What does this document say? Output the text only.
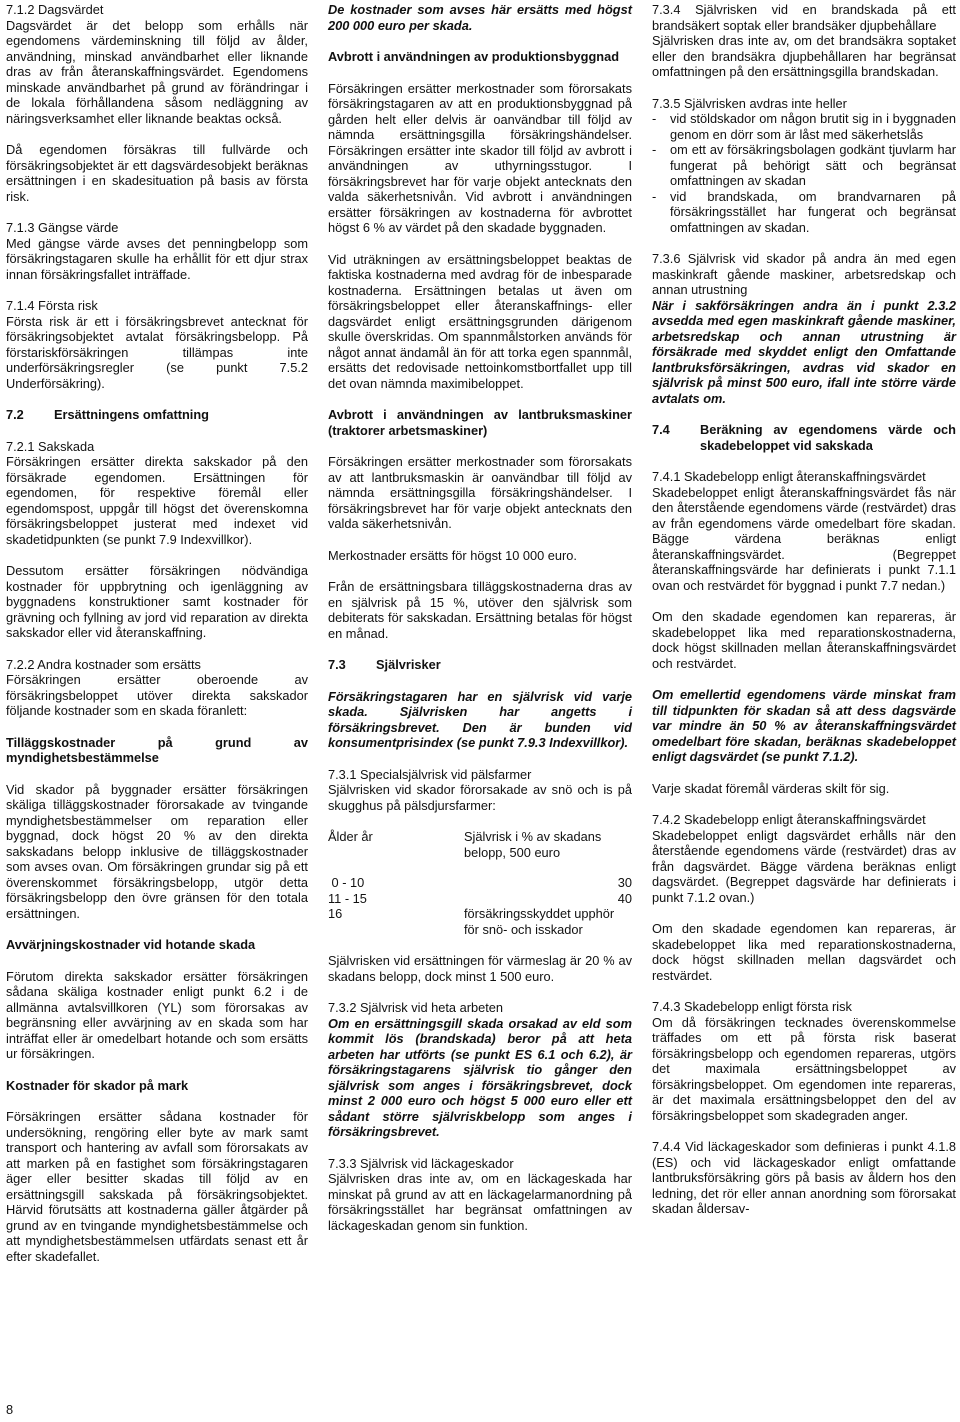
7.1.2 Dagsvärdet

Dagsvärdet är det belopp som erhålls när egendomens värdeminskning till följd av ålder, användning, minskad användbarhet eller liknande dras av från återanskaffningsvärdet. Egendomens minskade användbarhet på grund av förändringar i de lokala förhållandena såsom nedläggning av näringsverksamhet eller liknande beaktas också.

Då egendomen försäkras till fullvärde och försäkringsobjektet är ett dagsvärdesobjekt beräknas ersättningen i en skadesituation på basis av första risk.

7.1.3 Gängse värde

Med gängse värde avses det penningbelopp som försäkringstagaren skulle ha erhållit för ett djur strax innan försäkringsfallet inträffade.

7.1.4 Första risk

Första risk är ett i försäkringsbrevet antecknat för försäkringsobjektet avtalat försäkringsbelopp. På förstariskförsäkringen tillämpas inte underförsäkringsregler (se punkt 7.5.2 Underförsäkring).

7.2	Ersättningens omfattning
7.2.1 Sakskada

Försäkringen ersätter direkta sakskador på den försäkrade egendomen. Ersättningen för egendomen, för respektive föremål eller egendomspost, uppgår till högst det överenskomna försäkringsbeloppet justerat med indexet vid skadetidpunkten (se punkt 7.9 Indexvillkor).

Dessutom ersätter försäkringen nödvändiga kostnader för uppbrytning och igenläggning av byggnadens konstruktioner samt kostnader för grävning och fyllning av jord vid reparation av direkta sakskador eller vid återanskaffning.

7.2.2 Andra kostnader som ersätts

Försäkringen ersätter oberoende av försäkringsbeloppet utöver direkta sakskador följande kostnader som en skada föranlett:

Tilläggskostnader på grund av myndighetsbestämmelse

Vid skador på byggnader ersätter försäkringen skäliga tilläggskostnader förorsakade av tvingande myndighetsbestämmelser om reparation eller byggnad, dock högst 20 % av den direkta sakskadans belopp inklusive de tilläggskostnader som avses ovan. Om försäkringen grundar sig på ett överenskommet försäkringsbelopp, utgör detta försäkringsbelopp den övre gränsen för den totala ersättningen.

Avvärjningskostnader vid hotande skada

Förutom direkta sakskador ersätter försäkringen sådana skäliga kostnader enligt punkt 6.2 i de allmänna avtalsvillkoren (YL) som förorsakas av begränsning eller avvärjning av en skada som har inträffat eller är omedelbart hotande och som ersätts ur försäkringen.

Kostnader för skador på mark

Försäkringen ersätter sådana kostnader för undersökning, rengöring eller byte av mark samt transport och hantering av avfall som förorsakats av att marken på en fastighet som försäkringstagaren äger eller besitter skadas till följd av en ersättningsgill sakskada på försäkringsobjektet. Härvid förutsätts att kostnaderna gäller åtgärder på grund av en tvingande myndighetsbestämmelse och att myndighetsbestämmelsen utfärdats senast ett år efter skadefallet.

De kostnader som avses här ersätts med högst 200 000 euro per skada.

Avbrott i användningen av produktionsbyggnad

Försäkringen ersätter merkostnader som förorsakats försäkringstagaren av att en produktionsbyggnad på gården helt eller delvis är oanvändbar till följd av nämnda ersättningsgilla försäkringshändelser. Försäkringen ersätter inte skador till följd av avbrott i användningen av uthyrningsstugor. I försäkringsbrevet har för varje objekt antecknats den valda säkerhetsnivån. Vid avbrott i användningen ersätter försäkringen av kostnaderna för avbrottet högst 6 % av värdet på den skadade byggnaden.

Vid uträkningen av ersättningsbeloppet beaktas de faktiska kostnaderna med avdrag för de inbesparade kostnaderna. Ersättningen betalas ut även om försäkringsbeloppet eller återanskaffnings- eller dagsvärdet enligt ersättningsgrunden därigenom skulle överskridas. Om spannmålstorken används för något annat ändamål än för att torka egen spannmål, ersätts det redovisade nettoinkomstbortfallet upp till det ovan nämnda maximibeloppet.

Avbrott i användningen av lantbruksmaskiner (traktorer arbetsmaskiner)

Försäkringen ersätter merkostnader som förorsakats av att lantbruksmaskin är oanvändbar till följd av nämnda ersättningsgilla försäkringshändelser. I försäkringsbrevet har för varje objekt antecknats den valda säkerhetsnivån.

Merkostnader ersätts för högst 10 000 euro.

Från de ersättningsbara tilläggskostnaderna dras av en självrisk på 15 %, utöver den självrisk som debiterats för sakskadan. Ersättning betalas för högst en månad.

7.3	Självrisker

Försäkringstagaren har en självrisk vid varje skada. Självrisken har angetts i försäkringsbrevet. Den är bunden vid konsumentprisindex (se punkt 7.9.3 Indexvillkor).

7.3.1 Specialsjälvrisk vid pälsfarmer

Självrisken vid skador förorsakade av snö och is på skugghus på pälsdjursfarmer:

Ålder år	Självrisk i % av skadans belopp, 500 euro

0 - 10	30
11 - 15	40
16	försäkringsskyddet upphör för snö- och isskador

Självrisken vid ersättningen för värmeslag är 20 % av skadans belopp, dock minst 1 500 euro.

7.3.2 Självrisk vid heta arbeten

Om en ersättningsgill skada orsakad av eld som kommit lös (brandskada) beror på att heta arbeten har utförts (se punkt ES 6.1 och 6.2), är försäkringstagarens självrisk tio gånger den självrisk som anges i försäkringsbrevet, dock minst 2 000 euro och högst 5 000 euro eller ett sådant större självriskbelopp som anges i försäkringsbrevet.

7.3.3 Självrisk vid läckageskador

Självrisken dras inte av, om en läckageskada har minskat på grund av att en läckagelarmanordning på försäkringsstället har begränsat omfattningen av läckageskadan genom sin funktion.

7.3.4 Självrisken vid en brandskada på ett brandsäkert soptak eller brandsäker djupbehållare

Självrisken dras inte av, om det brandsäkra soptaket eller den brandsäkra djupbehållaren har begränsat omfattningen på den ersättningsgilla brandskadan.

7.3.5 Självrisken avdras inte heller
-	vid stöldskador om någon brutit sig in i byggnaden genom en dörr som är låst med säkerhetslås
-	om ett av försäkringsbolagen godkänt tjuvlarm har fungerat på behörigt sätt och begränsat omfattningen av skadan
-	vid brandskada, om brandvarnaren på försäkringsstället har fungerat och begränsat omfattningen av skadan.
7.3.6 Självrisk vid skador på andra än med egen maskinkraft gående maskiner, arbetsredskap och annan utrustning

När i sakförsäkringen andra än i punkt 2.3.2 avsedda med egen maskinkraft gående maskiner, arbetsredskap och annan utrustning är försäkrade med skyddet enligt den Omfattande lantbruksförsäkringen, avdras vid skador en självrisk på minst 500 euro, ifall inte större värde avtalats om.

7.4	Beräkning av egendomens värde och skadebeloppet vid sakskada
7.4.1 Skadebelopp enligt återanskaffningsvärdet

Skadebeloppet enligt återanskaffningsvärdet fås när den återstående egendomens värde (restvärdet) dras av från egendomens värde omedelbart före skadan. Bägge värdena beräknas enligt återanskaffningsvärdet. (Begreppet återanskaffningsvärde har definierats i punkt 7.1.1 ovan och restvärdet för byggnad i punkt 7.7 nedan.)

Om den skadade egendomen kan repareras, är skadebeloppet lika med reparationskostnaderna, dock högst skillnaden mellan återanskaffningsvärdet och restvärdet.

Om emellertid egendomens värde minskat fram till tidpunkten för skadan så att dess dagsvärde var mindre än 50 % av återanskaffningsvärdet omedelbart före skadan, beräknas skadebeloppet enligt dagsvärdet (se punkt 7.1.2).

Varje skadat föremål värderas skilt för sig.

7.4.2 Skadebelopp enligt återanskaffningsvärdet

Skadebeloppet enligt dagsvärdet erhålls när den återstående egendomens värde (restvärdet) dras av från dagsvärdet. Bägge värdena beräknas enligt dagsvärdet. (Begreppet dagsvärde har definierats i punkt 7.1.2 ovan.)

Om den skadade egendomen kan repareras, är skadebeloppet lika med reparationskostnaderna, dock högst skillnaden mellan dagsvärdet och restvärdet.

7.4.3 Skadebelopp enligt första risk

Om då försäkringen tecknades överenskommelse träffades om ett på första risk baserat försäkringsbelopp och egendomen repareras, utgörs det maximala ersättningsbeloppet av försäkringsbeloppet. Om egendomen inte repareras, är det maximala ersättningsbeloppet den del av försäkringsbeloppet som skadegraden anger.

7.4.4 Vid läckageskador som definieras i punkt 4.1.8 (ES) och vid läckageskador enligt omfattande lantbruksförsäkring görs på basis av åldern hos den ledning, det rör eller annan anordning som förorsakat skadan åldersav-

8
